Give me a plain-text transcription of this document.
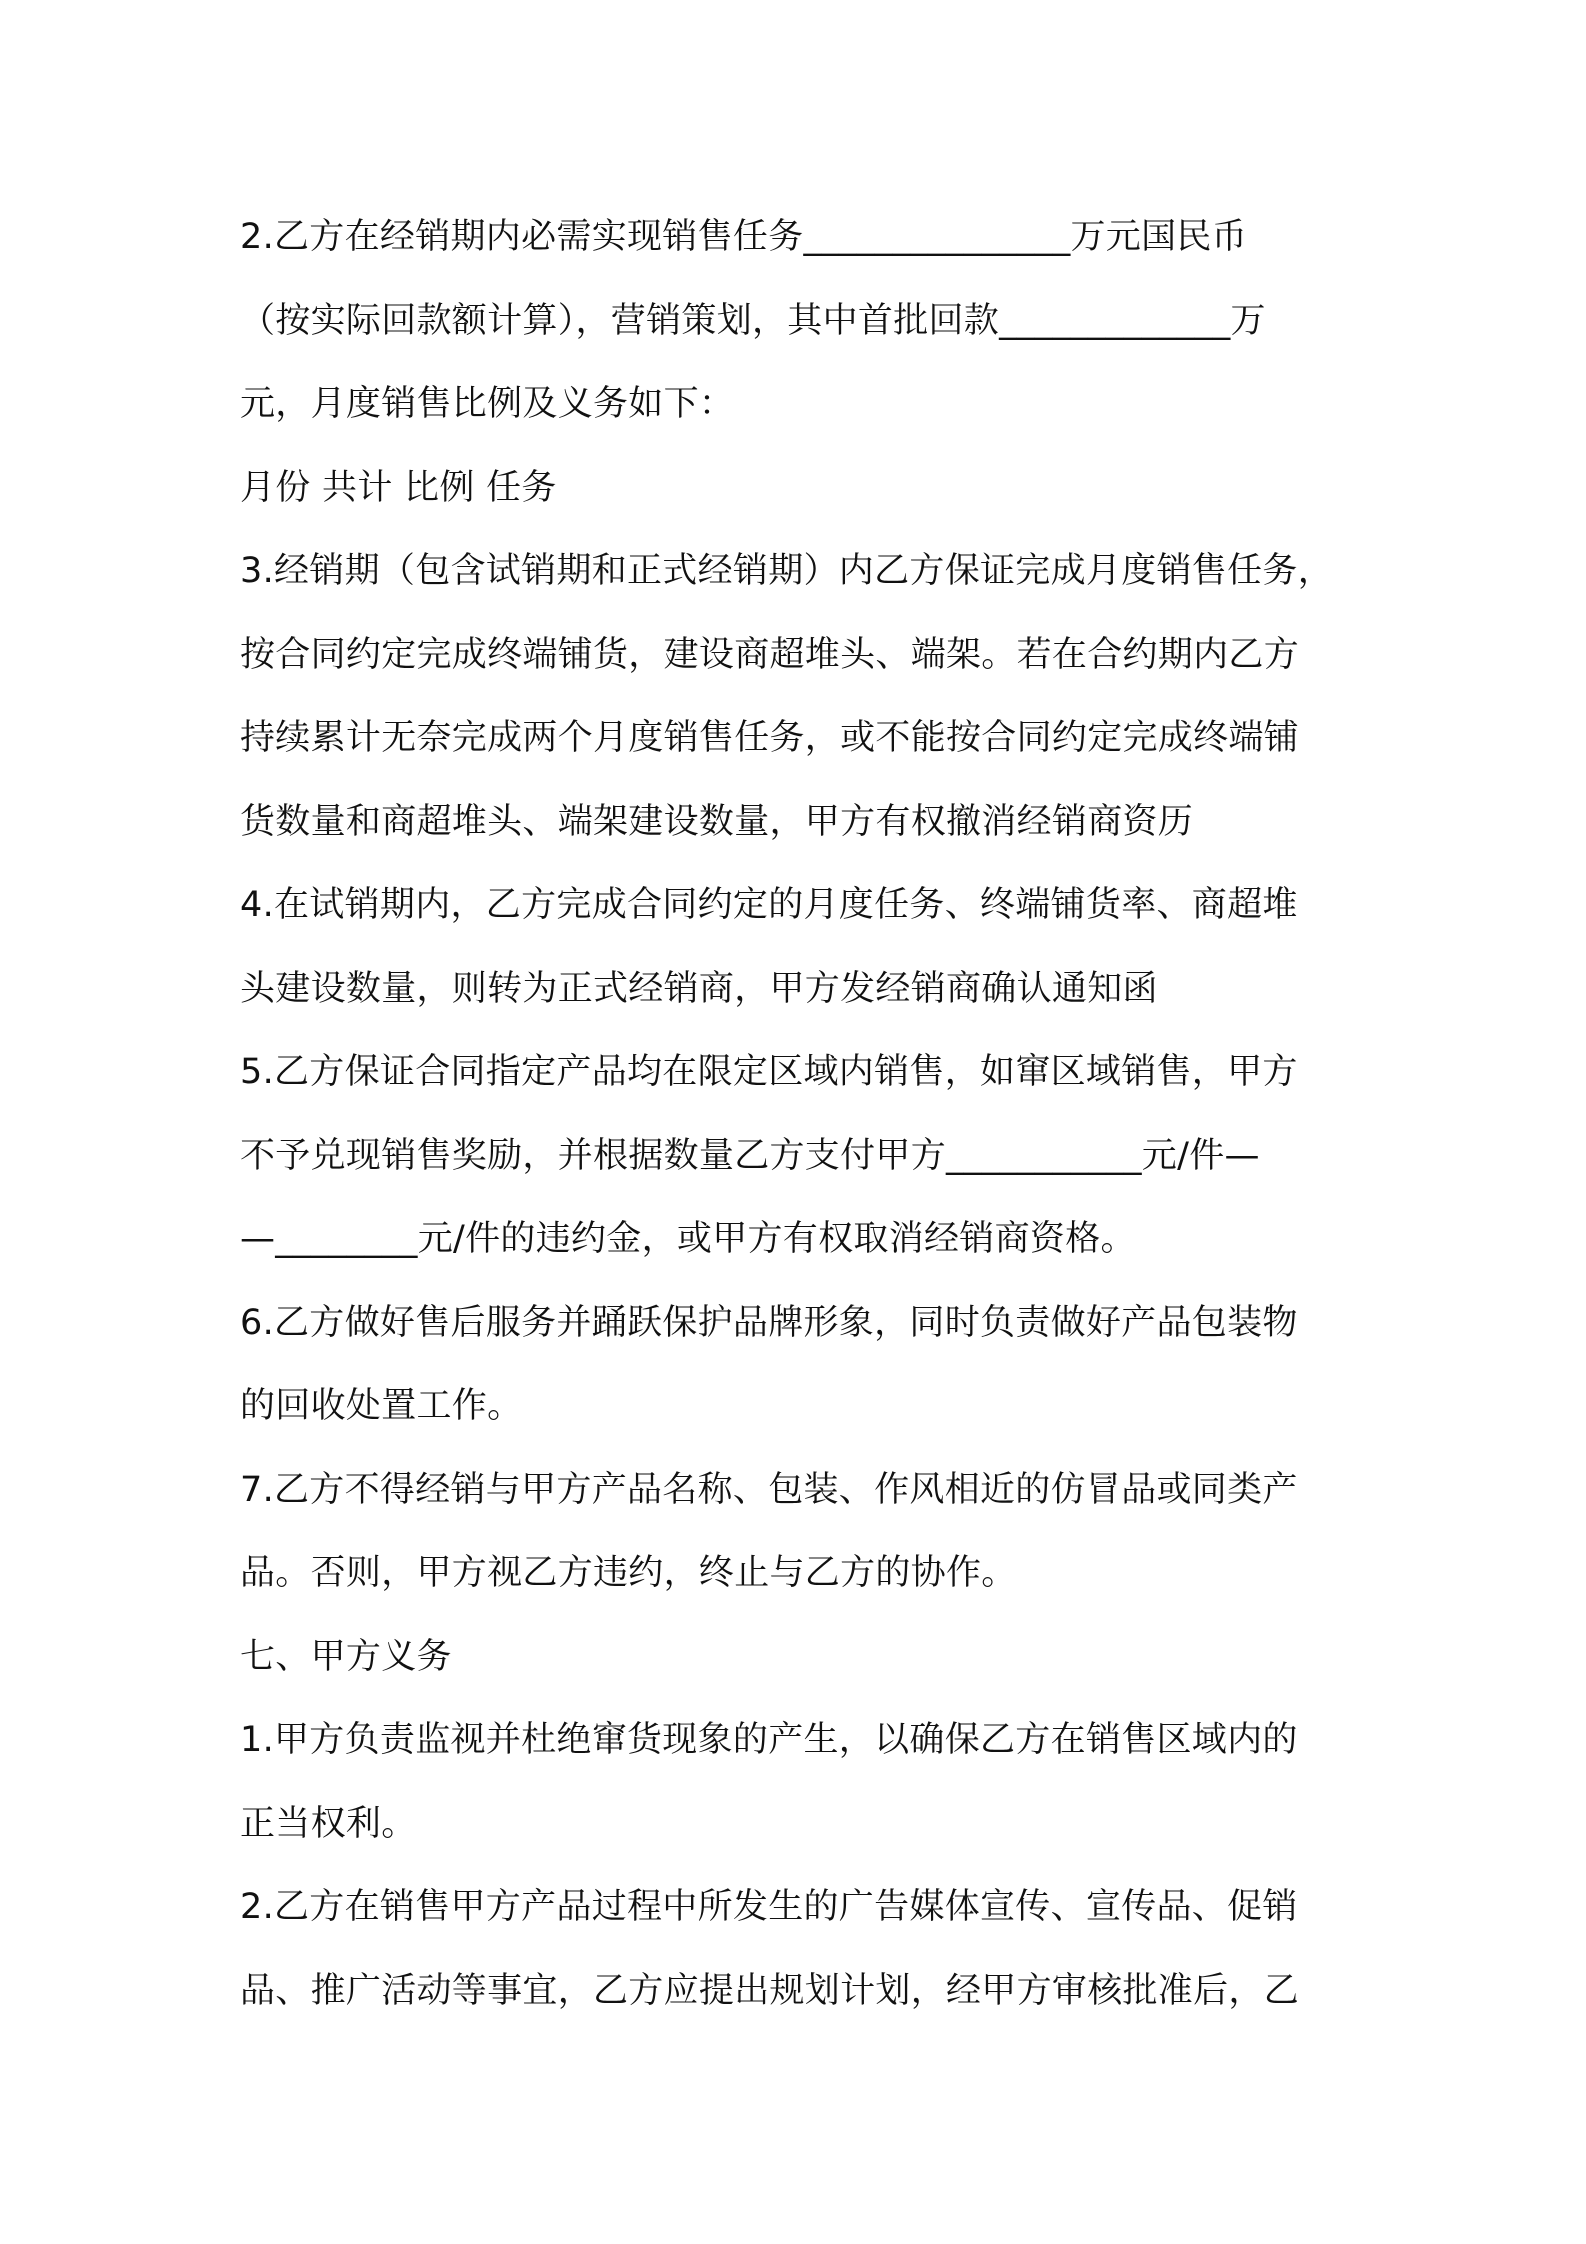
2.乙方在经销期内必需实现销售任务_______________万元国民币
（按实际回款额计算），营销策划，其中首批回款_____________万
元，月度销售比例及义务如下：
月份 共计 比例 任务
3.经销期（包含试销期和正式经销期）内乙方保证完成月度销售任务，
按合同约定完成终端铺货，建设商超堆头、端架。若在合约期内乙方
持续累计无奈完成两个月度销售任务，或不能按合同约定完成终端铺
货数量和商超堆头、端架建设数量，甲方有权撤消经销商资历
4.在试销期内，乙方完成合同约定的月度任务、终端铺货率、商超堆
头建设数量，则转为正式经销商，甲方发经销商确认通知函
5.乙方保证合同指定产品均在限定区域内销售，如窜区域销售，甲方
不予兑现销售奖励，并根据数量乙方支付甲方___________元/件—
—________元/件的违约金，或甲方有权取消经销商资格。
6.乙方做好售后服务并踊跃保护品牌形象，同时负责做好产品包装物
的回收处置工作。
7.乙方不得经销与甲方产品名称、包装、作风相近的仿冒品或同类产
品。否则，甲方视乙方违约，终止与乙方的协作。
七、甲方义务
1.甲方负责监视并杜绝窜货现象的产生，以确保乙方在销售区域内的
正当权利。
2.乙方在销售甲方产品过程中所发生的广告媒体宣传、宣传品、促销
品、推广活动等事宜，乙方应提出规划计划，经甲方审核批准后，乙
